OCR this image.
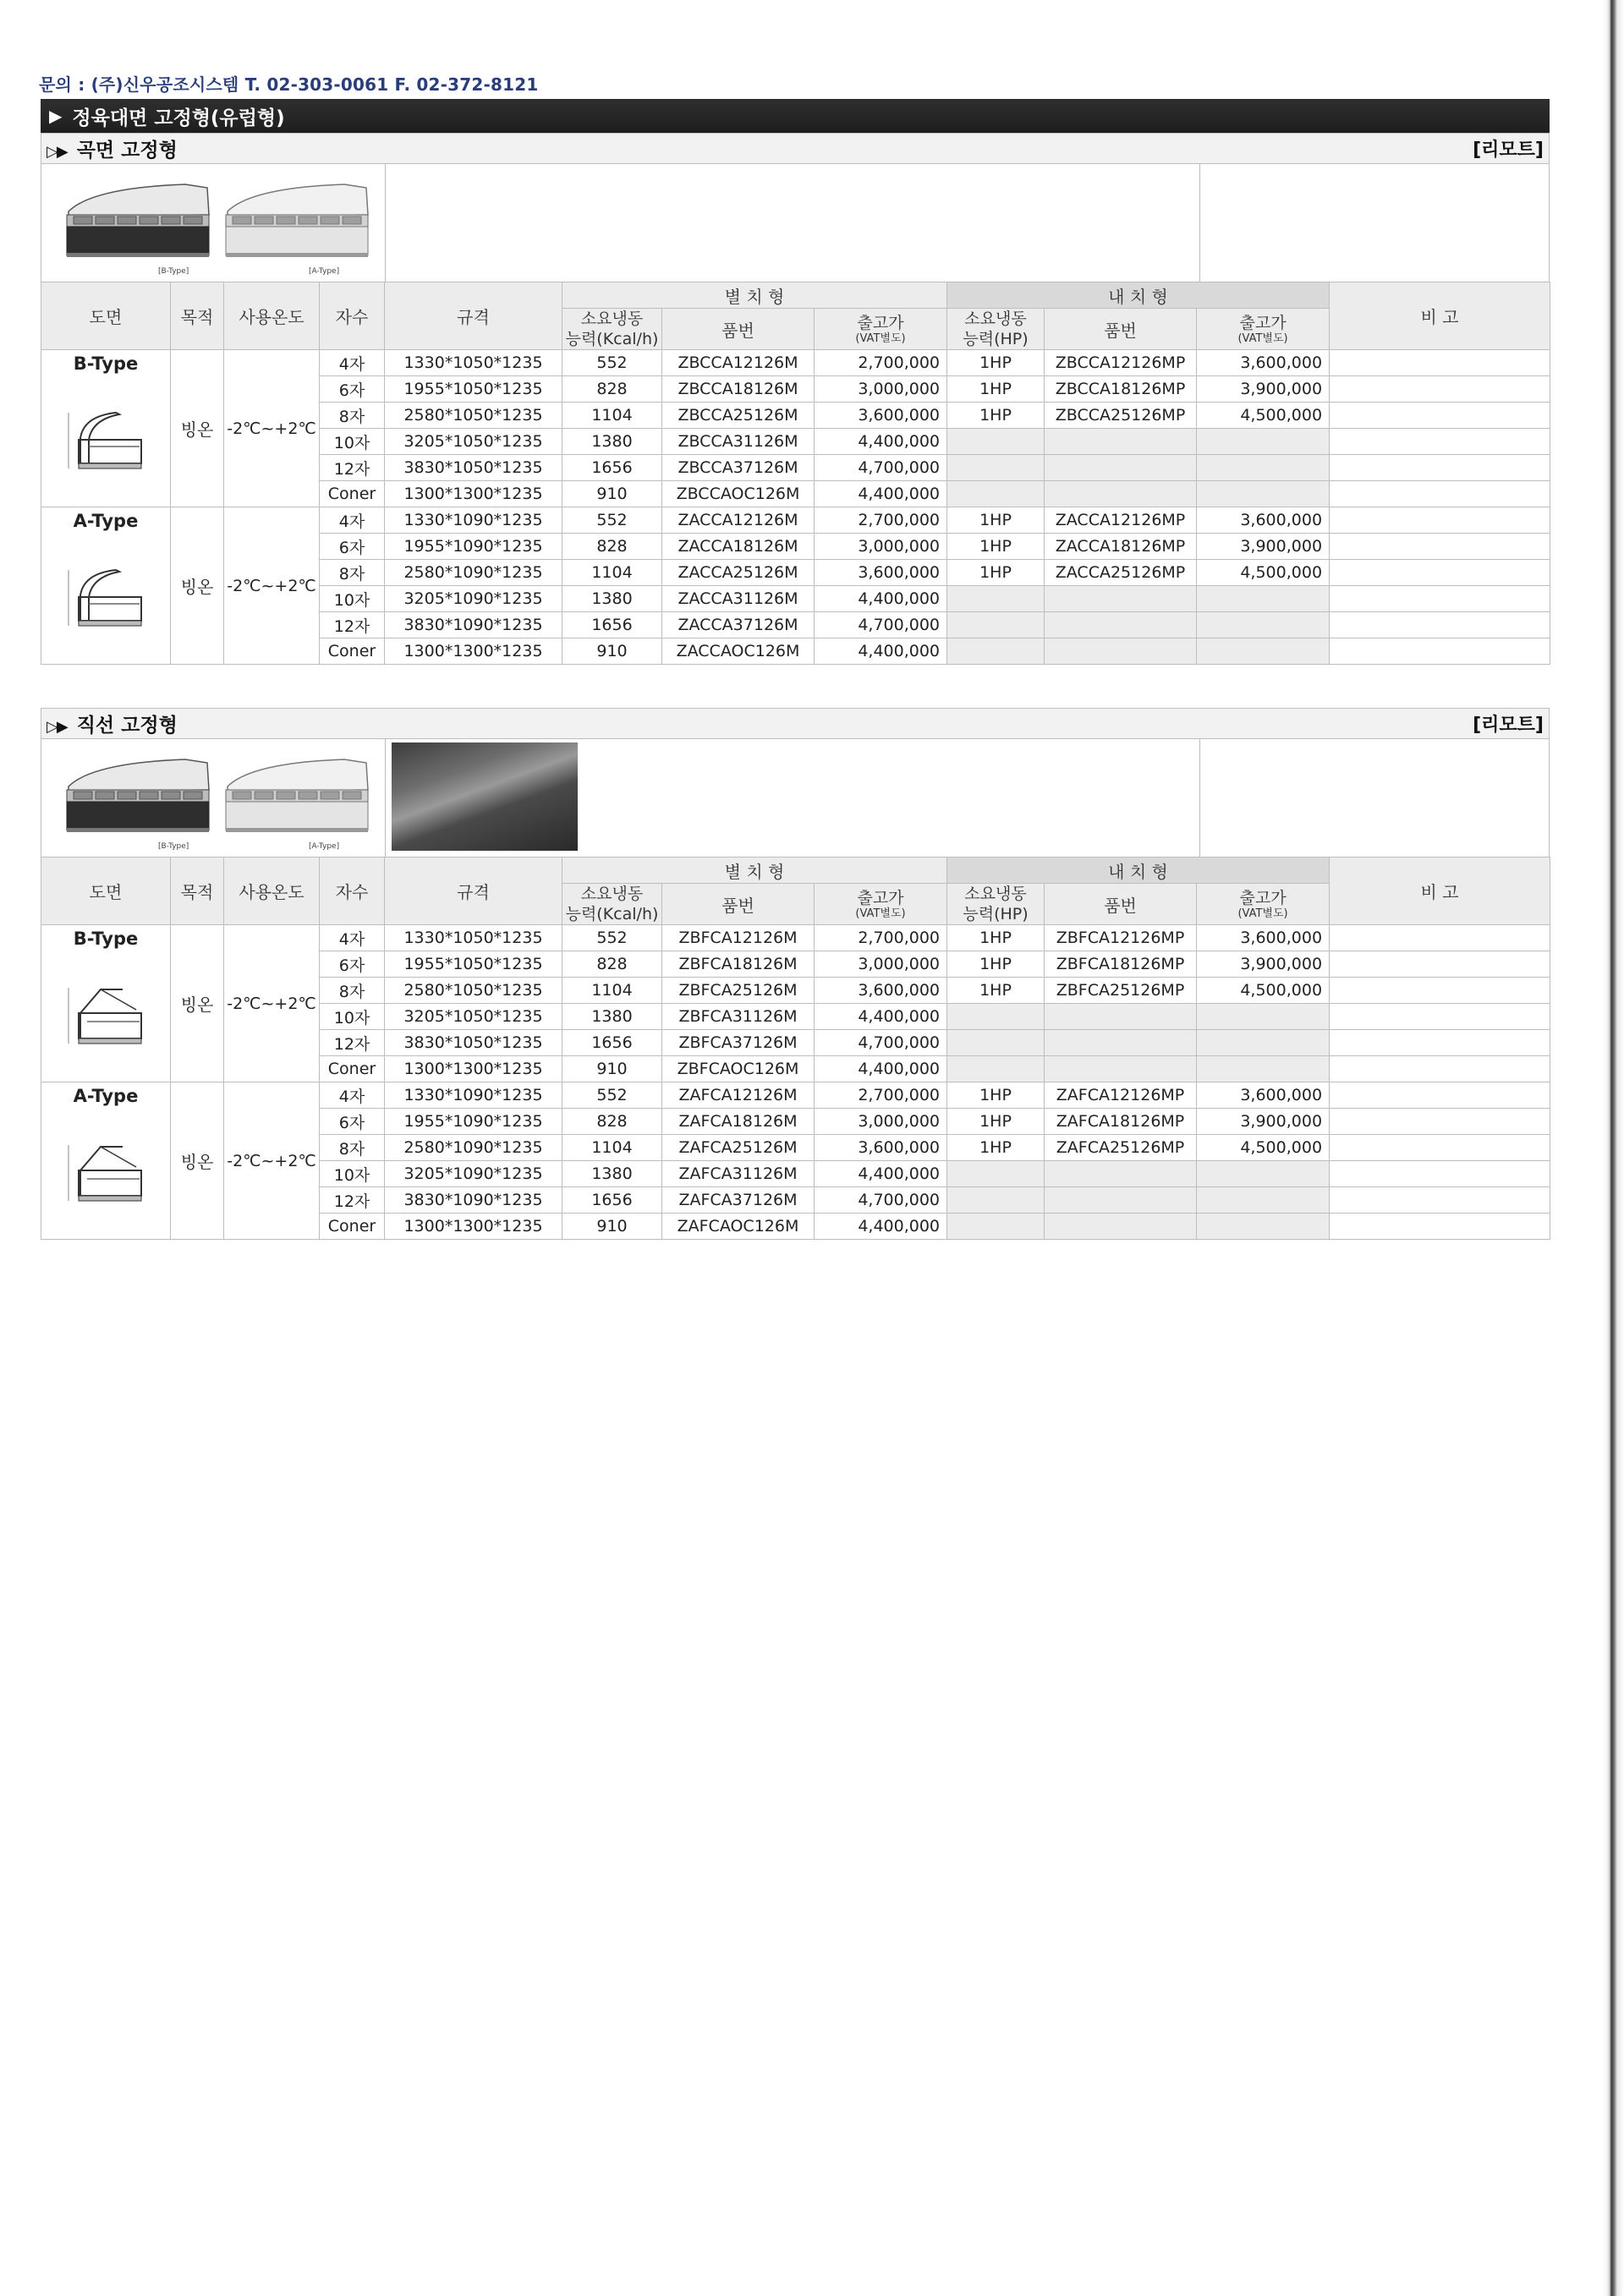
문의 : (주)신우공조시스템 T. 02-303-0061 F. 02-372-8121
▶ 정육대면 고정형(유럽형)
▷▶ 곡면 고정형	[리모트]
[B-Type]	[A-Type]
도면	목적	사용온도	자수	규격	별 치 형			내 치 형			비 고
					소요냉동
능력(Kcal/h)	품번	출고가
(VAT별도)	소요냉동
능력(HP)	품번	출고가
(VAT별도)	

B-Type	빙온	-2℃~+2℃	4자	1330*1050*1235	552	ZBCCA12126M	2,700,000	1HP	ZBCCA12126MP	3,600,000	
			6자	1955*1050*1235	828	ZBCCA18126M	3,000,000	1HP	ZBCCA18126MP	3,900,000	
			8자	2580*1050*1235	1104	ZBCCA25126M	3,600,000	1HP	ZBCCA25126MP	4,500,000	
			10자	3205*1050*1235	1380	ZBCCA31126M	4,400,000				
			12자	3830*1050*1235	1656	ZBCCA37126M	4,700,000				
			Coner	1300*1300*1235	910	ZBCCAOC126M	4,400,000				

A-Type	빙온	-2℃~+2℃	4자	1330*1090*1235	552	ZACCA12126M	2,700,000	1HP	ZACCA12126MP	3,600,000	
			6자	1955*1090*1235	828	ZACCA18126M	3,000,000	1HP	ZACCA18126MP	3,900,000	
			8자	2580*1090*1235	1104	ZACCA25126M	3,600,000	1HP	ZACCA25126MP	4,500,000	
			10자	3205*1090*1235	1380	ZACCA31126M	4,400,000				
			12자	3830*1090*1235	1656	ZACCA37126M	4,700,000				
			Coner	1300*1300*1235	910	ZACCAOC126M	4,400,000				
▷▶ 직선 고정형	[리모트]
[B-Type]	[A-Type]
도면	목적	사용온도	자수	규격	별 치 형			내 치 형			비 고
					소요냉동
능력(Kcal/h)	품번	출고가
(VAT별도)	소요냉동
능력(HP)	품번	출고가
(VAT별도)	

B-Type	빙온	-2℃~+2℃	4자	1330*1050*1235	552	ZBFCA12126M	2,700,000	1HP	ZBFCA12126MP	3,600,000	
			6자	1955*1050*1235	828	ZBFCA18126M	3,000,000	1HP	ZBFCA18126MP	3,900,000	
			8자	2580*1050*1235	1104	ZBFCA25126M	3,600,000	1HP	ZBFCA25126MP	4,500,000	
			10자	3205*1050*1235	1380	ZBFCA31126M	4,400,000				
			12자	3830*1050*1235	1656	ZBFCA37126M	4,700,000				
			Coner	1300*1300*1235	910	ZBFCAOC126M	4,400,000				

A-Type	빙온	-2℃~+2℃	4자	1330*1090*1235	552	ZAFCA12126M	2,700,000	1HP	ZAFCA12126MP	3,600,000	
			6자	1955*1090*1235	828	ZAFCA18126M	3,000,000	1HP	ZAFCA18126MP	3,900,000	
			8자	2580*1090*1235	1104	ZAFCA25126M	3,600,000	1HP	ZAFCA25126MP	4,500,000	
			10자	3205*1090*1235	1380	ZAFCA31126M	4,400,000				
			12자	3830*1090*1235	1656	ZAFCA37126M	4,700,000				
			Coner	1300*1300*1235	910	ZAFCAOC126M	4,400,000				
